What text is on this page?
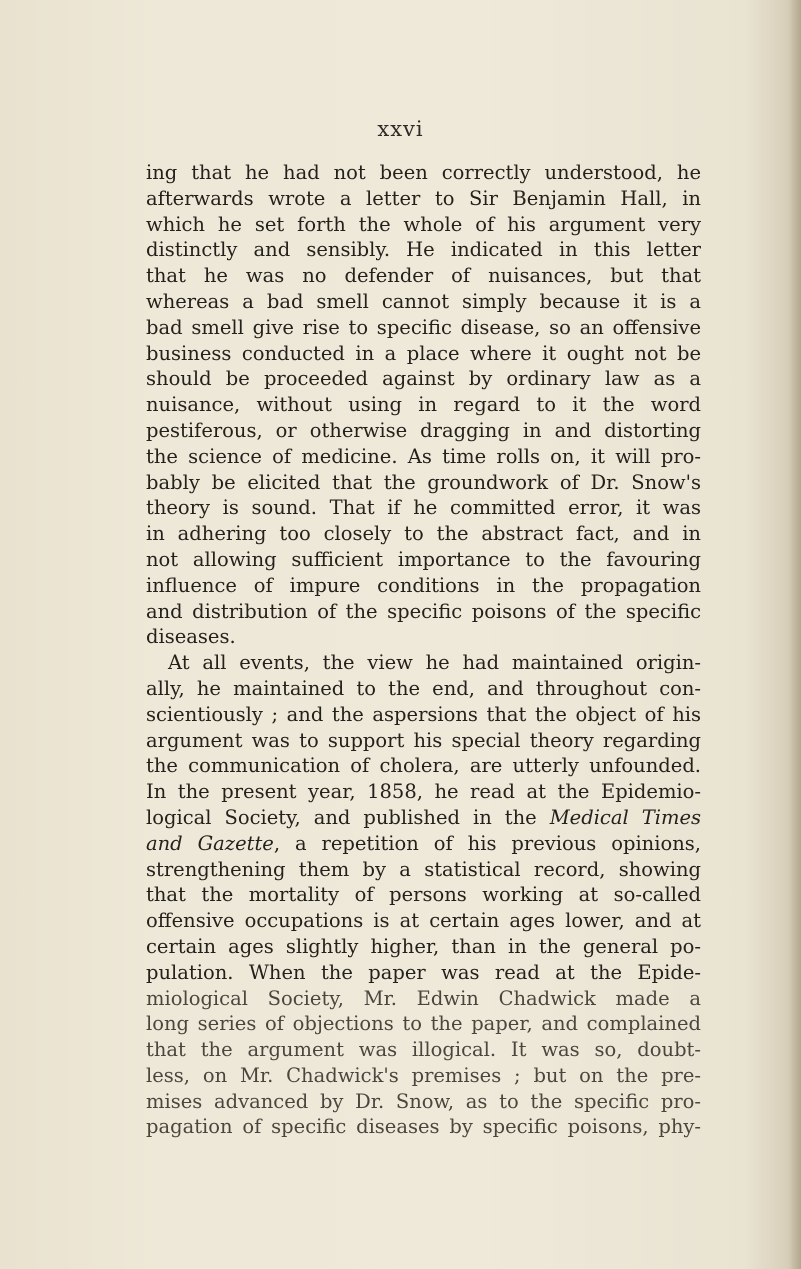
xxvi
ing that he had not been correctly understood, he
afterwards wrote a letter to Sir Benjamin Hall, in
which he set forth the whole of his argument very
distinctly and sensibly. He indicated in this letter
that he was no defender of nuisances, but that
whereas a bad smell cannot simply because it is a
bad smell give rise to specific disease, so an offensive
business conducted in a place where it ought not be
should be proceeded against by ordinary law as a
nuisance, without using in regard to it the word
pestiferous, or otherwise dragging in and distorting
the science of medicine. As time rolls on, it will pro-
bably be elicited that the groundwork of Dr. Snow's
theory is sound. That if he committed error, it was
in adhering too closely to the abstract fact, and in
not allowing sufficient importance to the favouring
influence of impure conditions in the propagation
and distribution of the specific poisons of the specific
diseases.
At all events, the view he had maintained origin-
ally, he maintained to the end, and throughout con-
scientiously ; and the aspersions that the object of his
argument was to support his special theory regarding
the communication of cholera, are utterly unfounded.
In the present year, 1858, he read at the Epidemio-
logical Society, and published in the Medical Times
and Gazette, a repetition of his previous opinions,
strengthening them by a statistical record, showing
that the mortality of persons working at so-called
offensive occupations is at certain ages lower, and at
certain ages slightly higher, than in the general po-
pulation. When the paper was read at the Epide-
miological Society, Mr. Edwin Chadwick made a
long series of objections to the paper, and complained
that the argument was illogical. It was so, doubt-
less, on Mr. Chadwick's premises ; but on the pre-
mises advanced by Dr. Snow, as to the specific pro-
pagation of specific diseases by specific poisons, phy-
